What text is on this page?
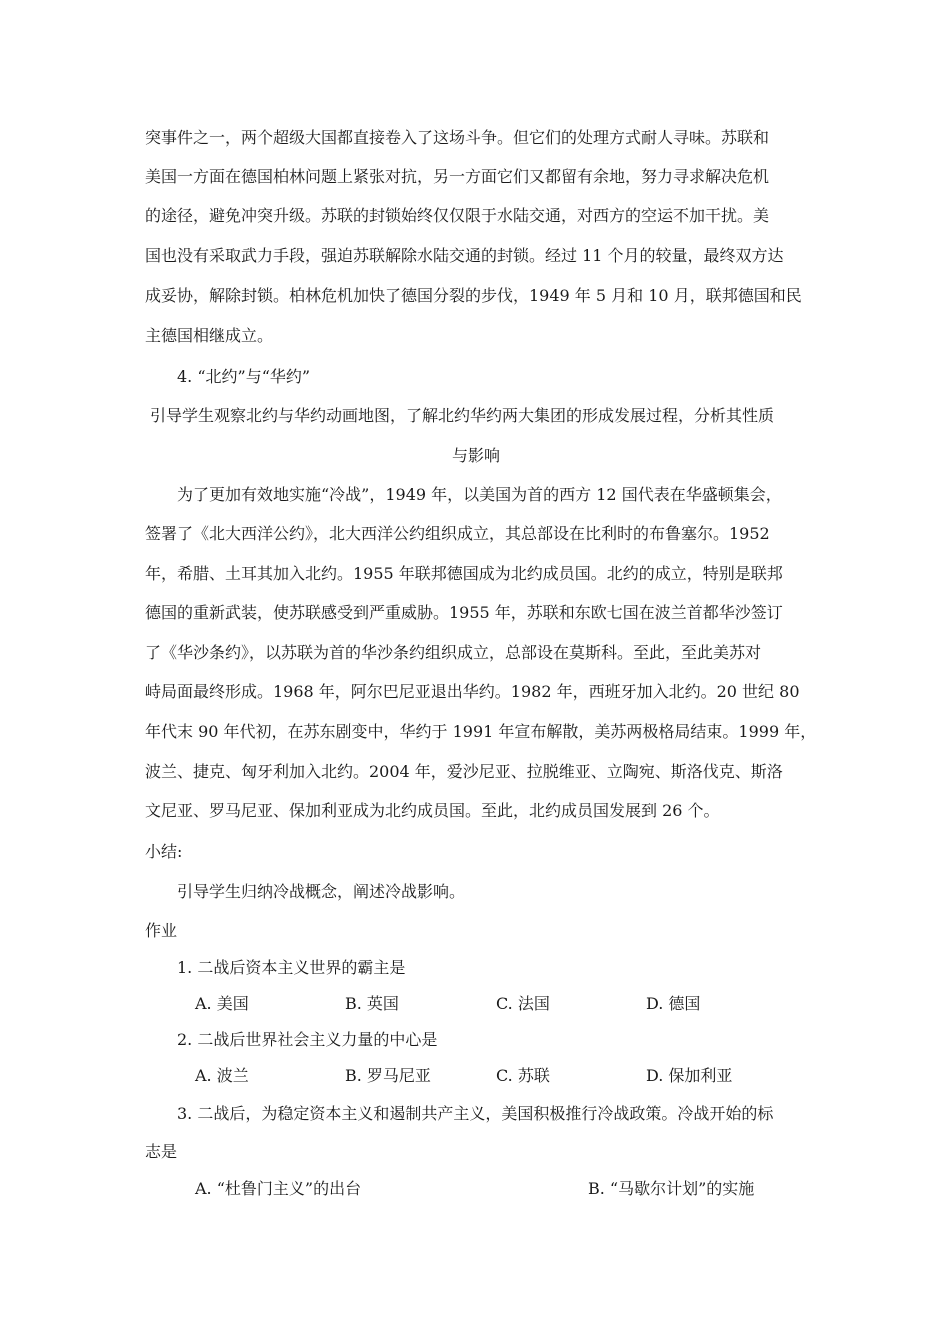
突事件之一，两个超级大国都直接卷入了这场斗争。但它们的处理方式耐人寻味。苏联和
美国一方面在德国柏林问题上紧张对抗，另一方面它们又都留有余地，努力寻求解决危机
的途径，避免冲突升级。苏联的封锁始终仅仅限于水陆交通，对西方的空运不加干扰。美
国也没有采取武力手段，强迫苏联解除水陆交通的封锁。经过 11 个月的较量，最终双方达
成妥协，解除封锁。柏林危机加快了德国分裂的步伐，1949 年 5 月和 10 月，联邦德国和民
主德国相继成立。
4. “北约”与“华约”
引导学生观察北约与华约动画地图，了解北约华约两大集团的形成发展过程，分析其性质
与影响
为了更加有效地实施“冷战”，1949 年，以美国为首的西方 12 国代表在华盛顿集会，
签署了《北大西洋公约》，北大西洋公约组织成立，其总部设在比利时的布鲁塞尔。1952
年，希腊、土耳其加入北约。1955 年联邦德国成为北约成员国。北约的成立，特别是联邦
德国的重新武装，使苏联感受到严重威胁。1955 年，苏联和东欧七国在波兰首都华沙签订
了《华沙条约》，以苏联为首的华沙条约组织成立，总部设在莫斯科。至此，至此美苏对
峙局面最终形成。1968 年，阿尔巴尼亚退出华约。1982 年，西班牙加入北约。20 世纪 80
年代末 90 年代初，在苏东剧变中，华约于 1991 年宣布解散，美苏两极格局结束。1999 年，
波兰、捷克、匈牙利加入北约。2004 年，爱沙尼亚、拉脱维亚、立陶宛、斯洛伐克、斯洛
文尼亚、罗马尼亚、保加利亚成为北约成员国。至此，北约成员国发展到 26 个。
小结:
引导学生归纳冷战概念，阐述冷战影响。
作业
1. 二战后资本主义世界的霸主是
A. 美国	B. 英国	C. 法国	D. 德国
2. 二战后世界社会主义力量的中心是
A. 波兰	B. 罗马尼亚	C. 苏联	D. 保加利亚
3. 二战后，为稳定资本主义和遏制共产主义，美国积极推行冷战政策。冷战开始的标
志是
A. “杜鲁门主义”的出台	B. “马歇尔计划”的实施
